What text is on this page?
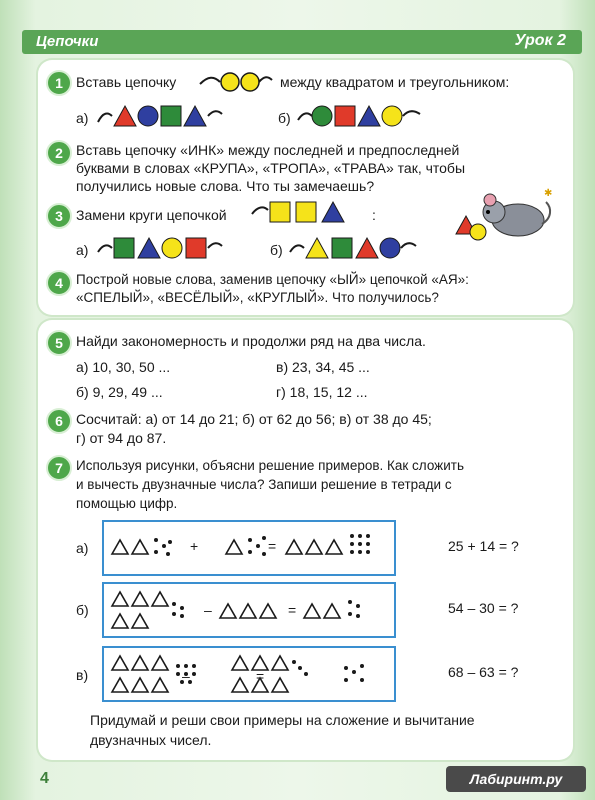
Цепочки	Урок 2
1 Вставь цепочку	между квадратом и треугольником:
а)	б)
2 Вставь цепочку «ИНК» между последней и предпоследней
буквами в словах «КРУПА», «ТРОПА», «ТРАВА» так, чтобы
получились новые слова. Что ты замечаешь?
3 Замени круги цепочкой	:
✱
а)	б)
4 Построй новые слова, заменив цепочку «ЫЙ» цепочкой «АЯ»:
«СПЕЛЫЙ», «ВЕСЁЛЫЙ», «КРУГЛЫЙ». Что получилось?
5 Найди закономерность и продолжи ряд на два числа.
а) 10, 30, 50 ...	в) 23, 34, 45 ...
б) 9, 29, 49 ...	г) 18, 15, 12 ...
6 Сосчитай: а) от 14 до 21; б) от 62 до 56; в) от 38 до 45;
г) от 94 до 87.
7 Используя рисунки, объясни решение примеров. Как сложить
и вычесть двузначные числа? Запиши решение в тетради с
помощью цифр.
а)	+	=	25 + 14 = ?
б)	–	=	54 – 30 = ?
в)	–	=	68 – 63 = ?
Придумай и реши свои примеры на сложение и вычитание
двузначных чисел.
4	Лабиринт.ру
